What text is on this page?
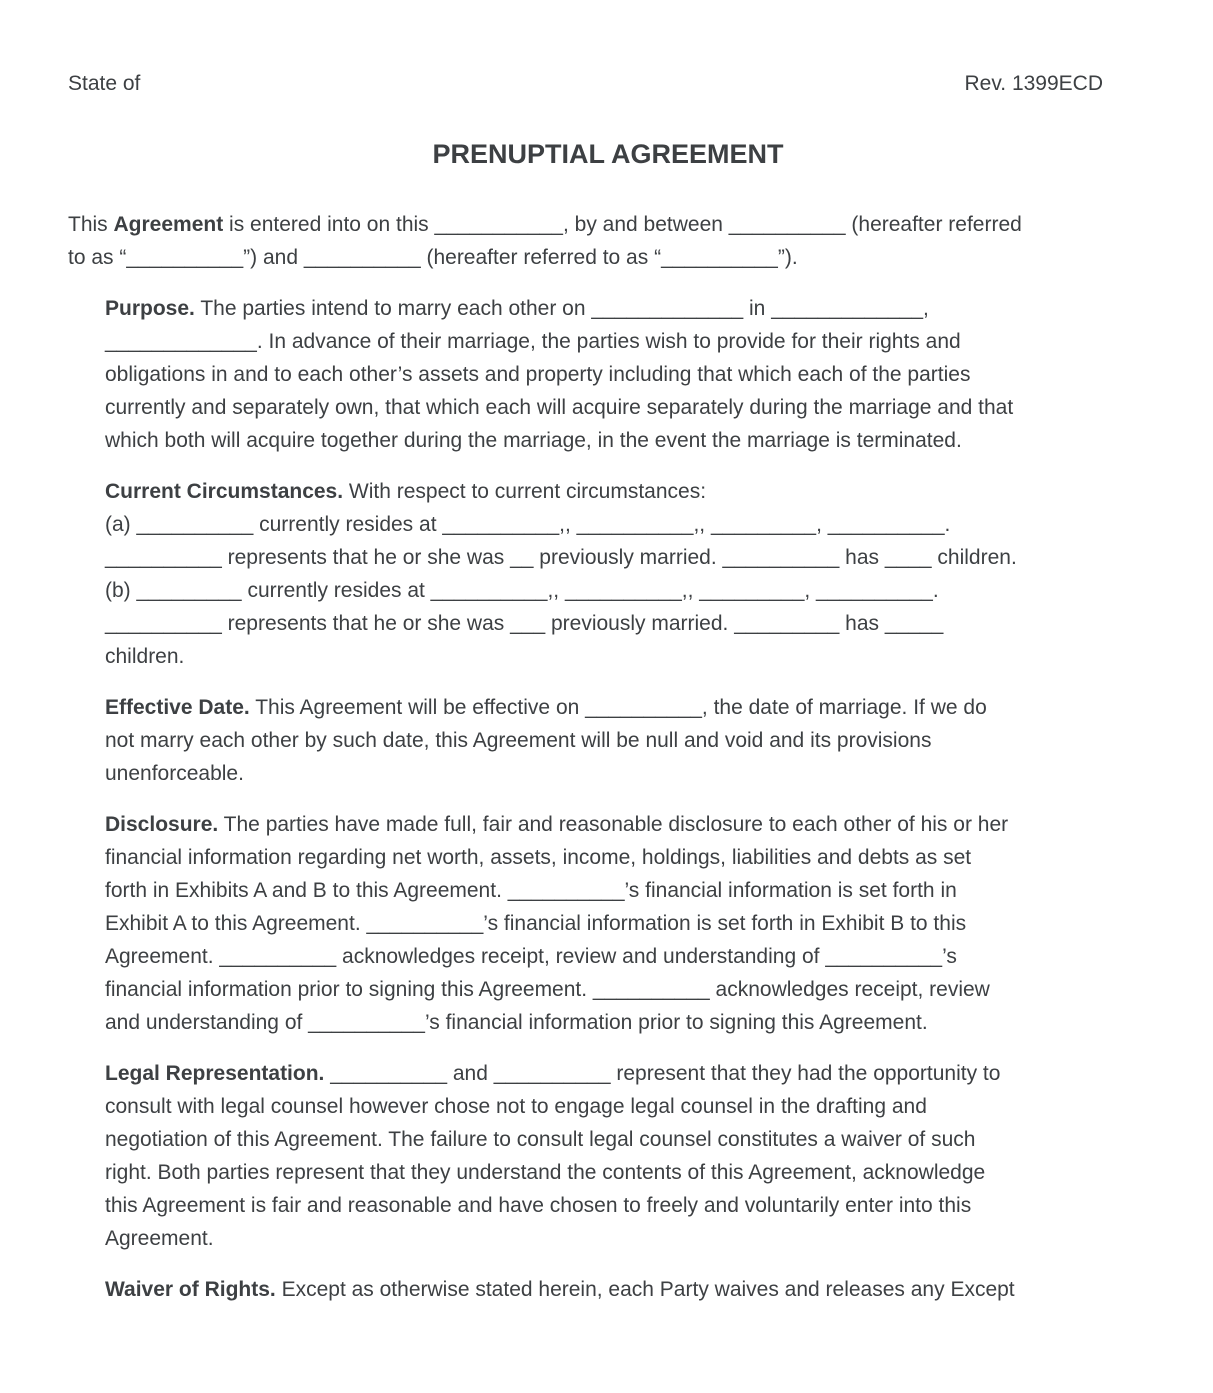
State of	Rev. 1399ECD
PRENUPTIAL AGREEMENT
This Agreement is entered into on this ___________, by and between __________ (hereafter referred
to as “__________”) and __________ (hereafter referred to as “__________”).
Purpose. The parties intend to marry each other on _____________ in _____________,
_____________. In advance of their marriage, the parties wish to provide for their rights and
obligations in and to each other’s assets and property including that which each of the parties
currently and separately own, that which each will acquire separately during the marriage and that
which both will acquire together during the marriage, in the event the marriage is terminated.
Current Circumstances. With respect to current circumstances:
(a) __________ currently resides at __________,, __________,, _________, __________.
__________ represents that he or she was __ previously married. __________ has ____ children.
(b) _________ currently resides at __________,, __________,, _________, __________.
__________ represents that he or she was ___ previously married. _________ has _____
children.
Effective Date. This Agreement will be effective on __________, the date of marriage. If we do
not marry each other by such date, this Agreement will be null and void and its provisions
unenforceable.
Disclosure. The parties have made full, fair and reasonable disclosure to each other of his or her
financial information regarding net worth, assets, income, holdings, liabilities and debts as set
forth in Exhibits A and B to this Agreement. __________’s financial information is set forth in
Exhibit A to this Agreement. __________’s financial information is set forth in Exhibit B to this
Agreement. __________ acknowledges receipt, review and understanding of __________’s
financial information prior to signing this Agreement. __________ acknowledges receipt, review
and understanding of __________’s financial information prior to signing this Agreement.
Legal Representation. __________ and __________ represent that they had the opportunity to
consult with legal counsel however chose not to engage legal counsel in the drafting and
negotiation of this Agreement. The failure to consult legal counsel constitutes a waiver of such
right. Both parties represent that they understand the contents of this Agreement, acknowledge
this Agreement is fair and reasonable and have chosen to freely and voluntarily enter into this
Agreement.
Waiver of Rights. Except as otherwise stated herein, each Party waives and releases any Except
